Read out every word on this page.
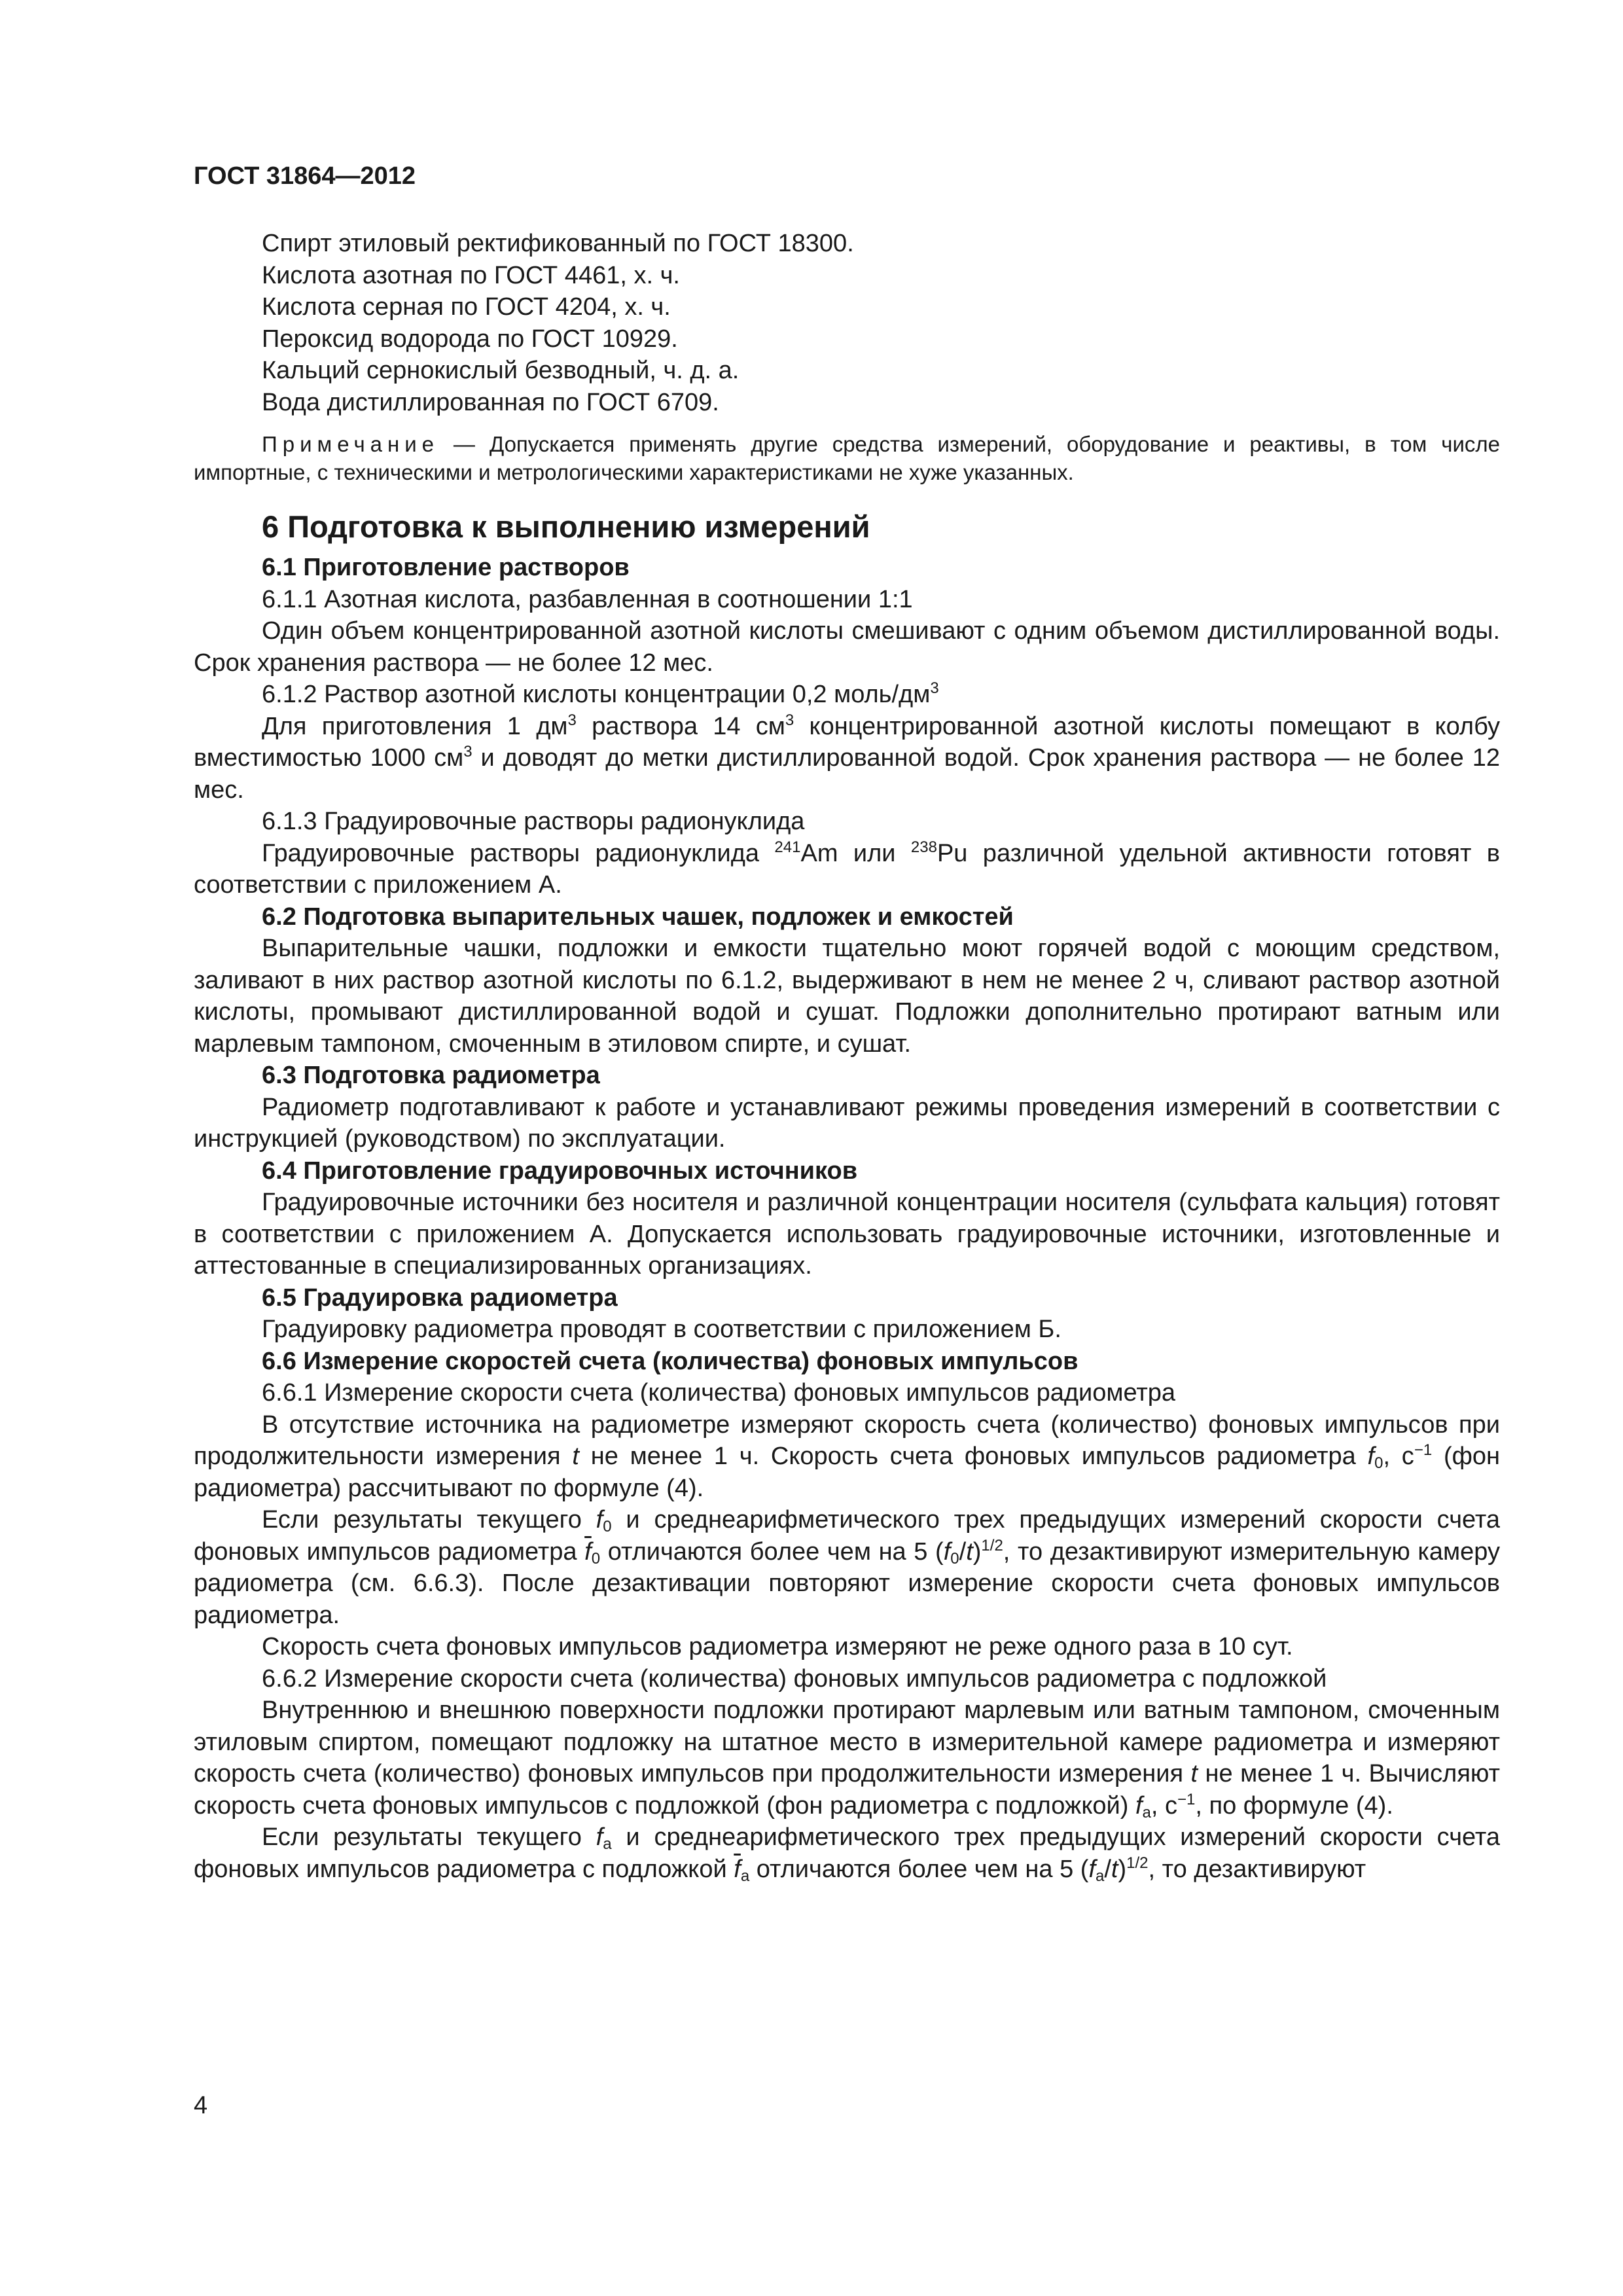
ГОСТ 31864—2012
Спирт этиловый ректификованный по ГОСТ 18300.
Кислота азотная по ГОСТ 4461, х. ч.
Кислота серная по ГОСТ 4204, х. ч.
Пероксид водорода по ГОСТ 10929.
Кальций сернокислый безводный, ч. д. а.
Вода дистиллированная по ГОСТ 6709.
Примечание — Допускается применять другие средства измерений, оборудование и реактивы, в том числе импортные, с техническими и метрологическими характеристиками не хуже указанных.
6 Подготовка к выполнению измерений
6.1 Приготовление растворов
6.1.1 Азотная кислота, разбавленная в соотношении 1:1
Один объем концентрированной азотной кислоты смешивают с одним объемом дистиллированной воды. Срок хранения раствора — не более 12 мес.
6.1.2 Раствор азотной кислоты концентрации 0,2 моль/$дм^3$
Для приготовления 1 $дм^3$ раствора 14 $см^3$ концентрированной азотной кислоты помещают в колбу вместимостью 1000 $см^3$ и доводят до метки дистиллированной водой. Срок хранения раствора — не более 12 мес.
6.1.3 Градуировочные растворы радионуклида
Градуировочные растворы радионуклида $^{241}$Am или $^{238}$Pu различной удельной активности готовят в соответствии с приложением А.
6.2 Подготовка выпарительных чашек, подложек и емкостей
Выпарительные чашки, подложки и емкости тщательно моют горячей водой с моющим средством, заливают в них раствор азотной кислоты по 6.1.2, выдерживают в нем не менее 2 ч, сливают раствор азотной кислоты, промывают дистиллированной водой и сушат. Подложки дополнительно протирают ватным или марлевым тампоном, смоченным в этиловом спирте, и сушат.
6.3 Подготовка радиометра
Радиометр подготавливают к работе и устанавливают режимы проведения измерений в соответствии с инструкцией (руководством) по эксплуатации.
6.4 Приготовление градуировочных источников
Градуировочные источники без носителя и различной концентрации носителя (сульфата кальция) готовят в соответствии с приложением А. Допускается использовать градуировочные источники, изготовленные и аттестованные в специализированных организациях.
6.5 Градуировка радиометра
Градуировку радиометра проводят в соответствии с приложением Б.
6.6 Измерение скоростей счета (количества) фоновых импульсов
6.6.1 Измерение скорости счета (количества) фоновых импульсов радиометра
В отсутствие источника на радиометре измеряют скорость счета (количество) фоновых импульсов при продолжительности измерения t не менее 1 ч. Скорость счета фоновых импульсов радиометра $f_0$, $с^{-1}$ (фон радиометра) рассчитывают по формуле (4).
Если результаты текущего $f_0$ и среднеарифметического трех предыдущих измерений скорости счета фоновых импульсов радиометра $\overline{f}_0$ отличаются более чем на 5 $(f_0/t)^{1/2}$, то дезактивируют измерительную камеру радиометра (см. 6.6.3). После дезактивации повторяют измерение скорости счета фоновых импульсов радиометра.
Скорость счета фоновых импульсов радиометра измеряют не реже одного раза в 10 сут.
6.6.2 Измерение скорости счета (количества) фоновых импульсов радиометра с подложкой
Внутреннюю и внешнюю поверхности подложки протирают марлевым или ватным тампоном, смоченным этиловым спиртом, помещают подложку на штатное место в измерительной камере радиометра и измеряют скорость счета (количество) фоновых импульсов при продолжительности измерения t не менее 1 ч. Вычисляют скорость счета фоновых импульсов с подложкой (фон радиометра с подложкой) $f_a$, $с^{-1}$, по формуле (4).
Если результаты текущего $f_a$ и среднеарифметического трех предыдущих измерений скорости счета фоновых импульсов радиометра с подложкой $\overline{f}_a$ отличаются более чем на 5 $(f_a/t)^{1/2}$, то дезактивируют
4
